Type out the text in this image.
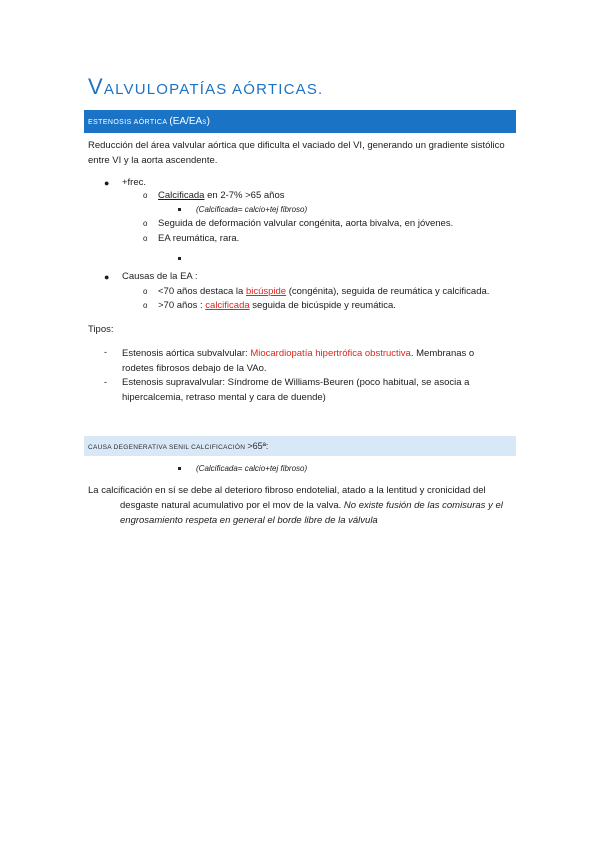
VALVULOPATÍAS AÓRTICAS.
ESTENOSIS AÓRTICA (EA/EAS)

Reducción del área valvular aórtica que dificulta el vaciado del VI, generando un gradiente sistólico entre VI y la aorta ascendente.

● +frec.

o Calcificada en 2-7% >65 años

(Calcificada= calcio+tej fibroso)

o Seguida de deformación valvular congénita, aorta bivalva, en jóvenes.

o EA reumática, rara.

● Causas de la EA :

o <70 años destaca la bicúspide (congénita), seguida de reumática y calcificada.

o >70 años : calcificada seguida de bicúspide y reumática.

Tipos:

- Estenosis aórtica subvalvular: Miocardiopatía hipertrófica obstructiva. Membranas o rodetes fibrosos debajo de la VAo.

- Estenosis supravalvular: Síndrome de Williams-Beuren (poco habitual, se asocia a hipercalcemia, retraso mental y cara de duende)

CAUSA DEGENERATIVA SENIL CALCIFICACIÓN >65ª:

(Calcificada= calcio+tej fibroso)

La calcificación en sí se debe al deterioro fibroso endotelial, atado a la lentitud y cronicidad del desgaste natural acumulativo por el mov de la valva. No existe fusión de las comisuras y el engrosamiento respeta en general el borde libre de la válvula
